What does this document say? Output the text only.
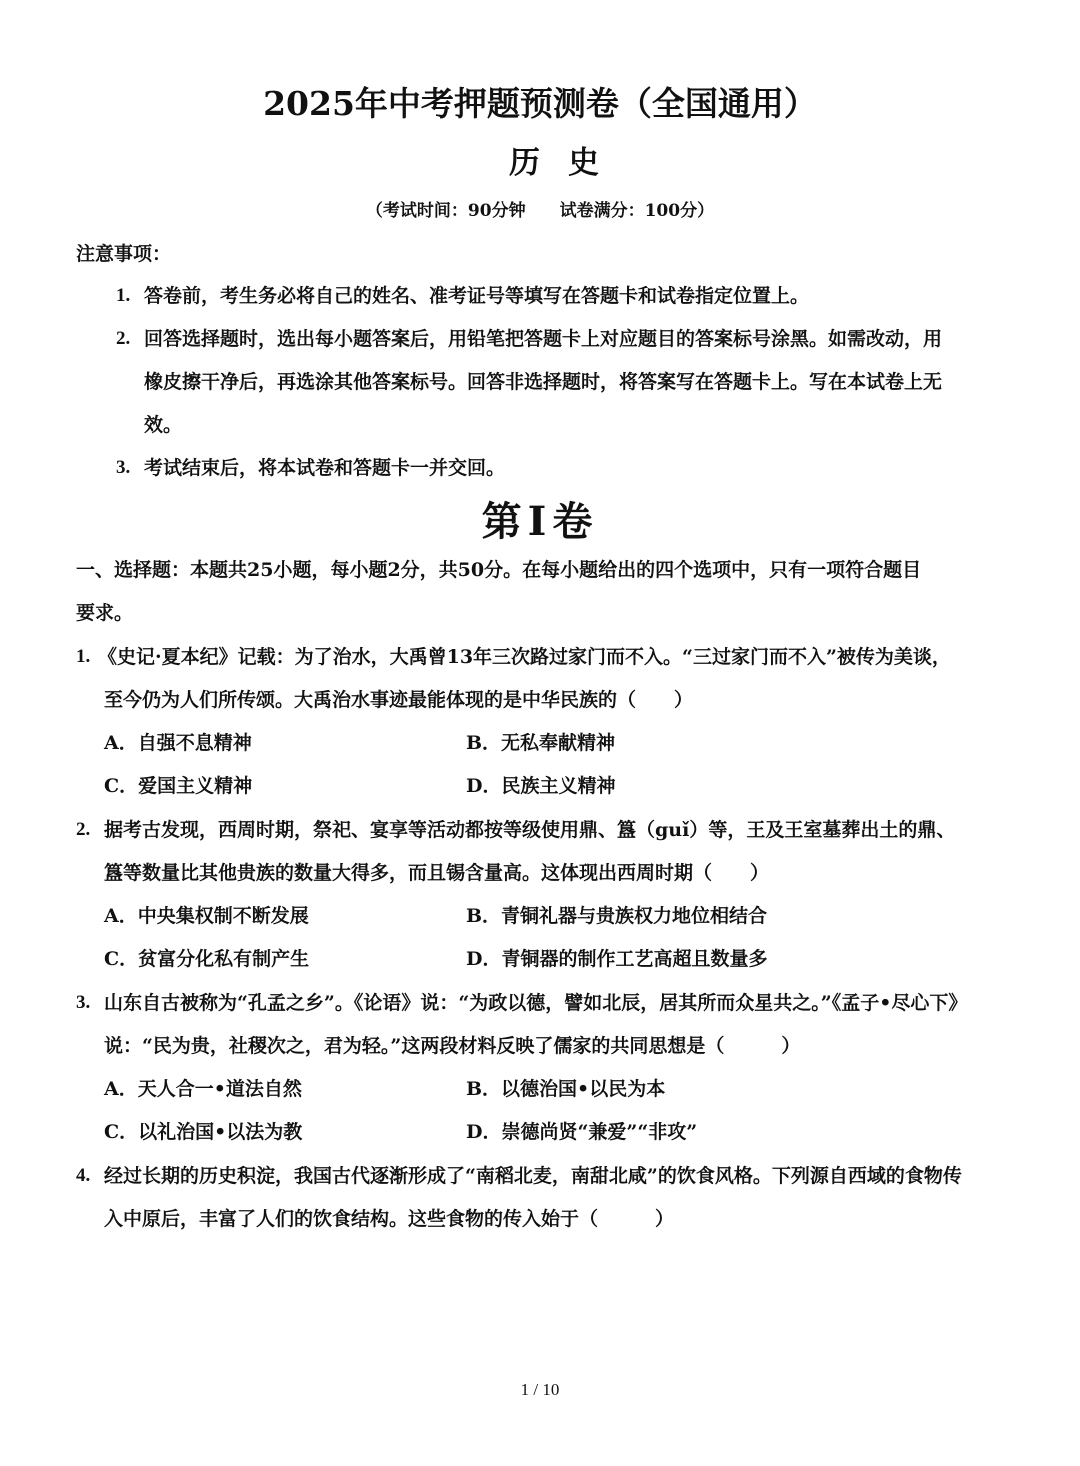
2025年中考押题预测卷（全国通用）
历史
（考试时间：90分钟　　试卷满分：100分）
注意事项：
1. 答卷前，考生务必将自己的姓名、准考证号等填写在答题卡和试卷指定位置上。
2. 回答选择题时，选出每小题答案后，用铅笔把答题卡上对应题目的答案标号涂黑。如需改动，用
橡皮擦干净后，再选涂其他答案标号。回答非选择题时，将答案写在答题卡上。写在本试卷上无
效。
3. 考试结束后，将本试卷和答题卡一并交回。
第Ⅰ卷
一、选择题：本题共25小题，每小题2分，共50分。在每小题给出的四个选项中，只有一项符合题目
要求。
1. 《史记·夏本纪》记载：为了治水，大禹曾13年三次路过家门而不入。“三过家门而不入”被传为美谈，
至今仍为人们所传颂。大禹治水事迹最能体现的是中华民族的（　　）
A．自强不息精神	B．无私奉献精神
C．爱国主义精神	D．民族主义精神
2. 据考古发现，西周时期，祭祀、宴享等活动都按等级使用鼎、簋（guǐ）等，王及王室墓葬出土的鼎、
簋等数量比其他贵族的数量大得多，而且锡含量高。这体现出西周时期（　　）
A．中央集权制不断发展	B．青铜礼器与贵族权力地位相结合
C．贫富分化私有制产生	D．青铜器的制作工艺高超且数量多
3. 山东自古被称为“孔孟之乡”。《论语》说：“为政以德，譬如北辰，居其所而众星共之。”《孟子•尽心下》
说：“民为贵，社稷次之，君为轻。”这两段材料反映了儒家的共同思想是（　　　）
A．天人合一•道法自然	B．以德治国•以民为本
C．以礼治国•以法为教	D．崇德尚贤“兼爱”“非攻”
4. 经过长期的历史积淀，我国古代逐渐形成了“南稻北麦，南甜北咸”的饮食风格。下列源自西域的食物传
入中原后，丰富了人们的饮食结构。这些食物的传入始于（　　　）
1 / 10
